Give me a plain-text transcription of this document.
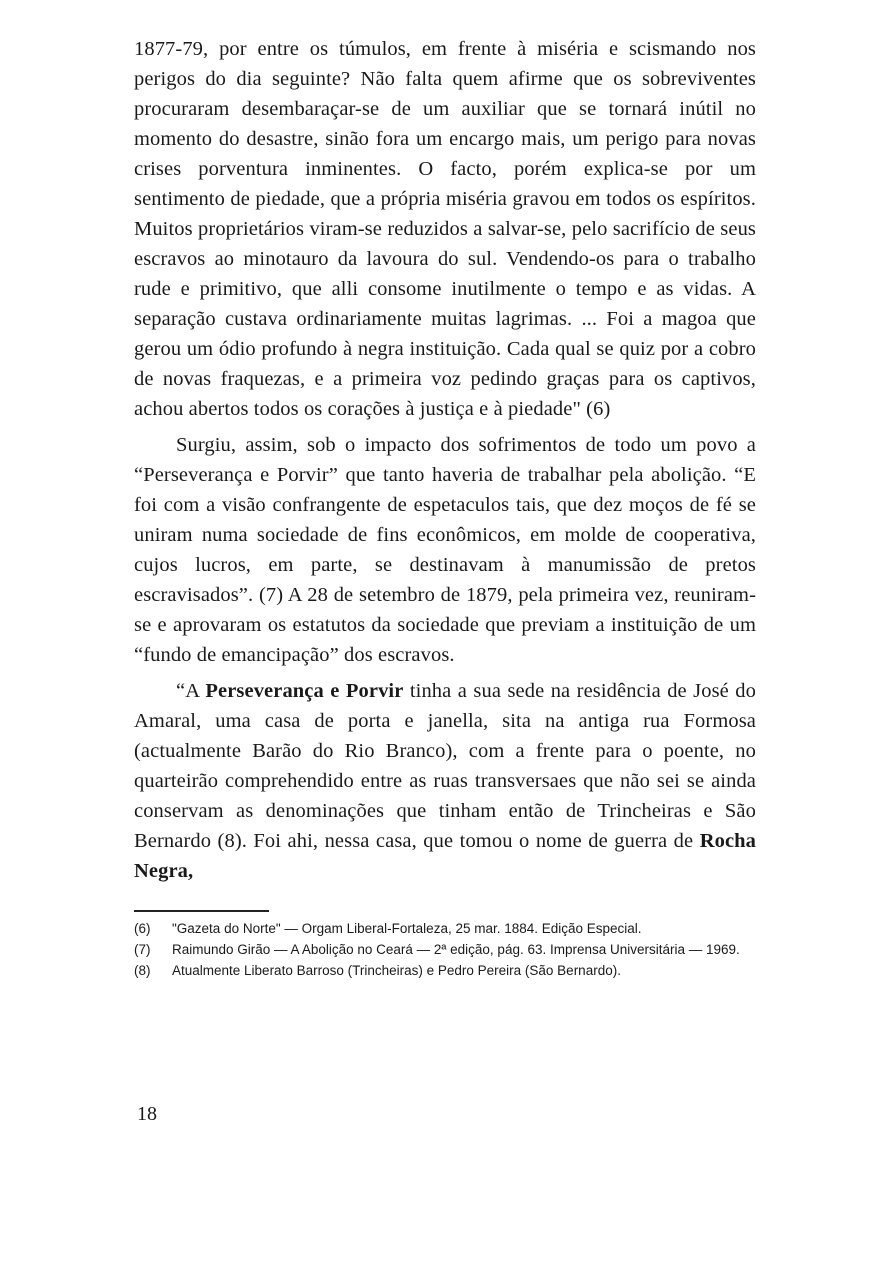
1877-79, por entre os túmulos, em frente à miséria e scismando nos perigos do dia seguinte? Não falta quem afirme que os sobreviventes procuraram desembaraçar-se de um auxiliar que se tornará inútil no momento do desastre, sinão fora um encargo mais, um perigo para novas crises porventura inminentes. O facto, porém explica-se por um sentimento de piedade, que a própria miséria gravou em todos os espíritos. Muitos proprietários viram-se reduzidos a salvar-se, pelo sacrifício de seus escravos ao minotauro da lavoura do sul. Vendendo-os para o trabalho rude e primitivo, que alli consome inutilmente o tempo e as vidas. A separação custava ordinariamente muitas lagrimas. ... Foi a magoa que gerou um ódio profundo à negra instituição. Cada qual se quiz por a cobro de novas fraquezas, e a primeira voz pedindo graças para os captivos, achou abertos todos os corações à justiça e à piedade" (6)

Surgiu, assim, sob o impacto dos sofrimentos de todo um povo a “Perseverança e Porvir” que tanto haveria de trabalhar pela abolição. “E foi com a visão confrangente de espetaculos tais, que dez moços de fé se uniram numa sociedade de fins econômicos, em molde de cooperativa, cujos lucros, em parte, se destinavam à manumissão de pretos escravisados”. (7) A 28 de setembro de 1879, pela primeira vez, reuniram-se e aprovaram os estatutos da sociedade que previam a instituição de um “fundo de emancipação” dos escravos.

“A Perseverança e Porvir tinha a sua sede na residência de José do Amaral, uma casa de porta e janella, sita na antiga rua Formosa (actualmente Barão do Rio Branco), com a frente para o poente, no quarteirão comprehendido entre as ruas transversaes que não sei se ainda conservam as denominações que tinham então de Trincheiras e São Bernardo (8). Foi ahi, nessa casa, que tomou o nome de guerra de Rocha Negra,

(6)	"Gazeta do Norte" — Orgam Liberal-Fortaleza, 25 mar. 1884. Edição Especial.
(7)	Raimundo Girão — A Abolição no Ceará — 2ª edição, pág. 63. Imprensa Universitária — 1969.
(8)	Atualmente Liberato Barroso (Trincheiras) e Pedro Pereira (São Bernardo).
18
